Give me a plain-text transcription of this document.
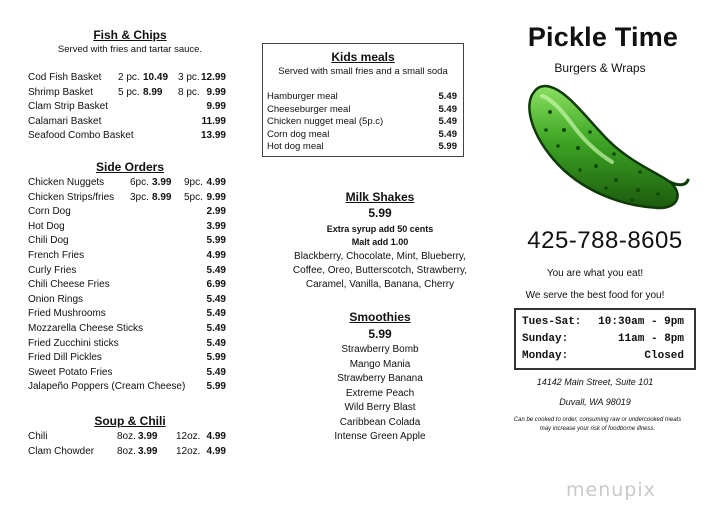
Fish & Chips
Served with fries and tartar sauce.
Cod Fish Basket	2 pc. 10.49 3 pc. 12.99
Shrimp Basket	5 pc. 8.99	8 pc. 9.99
Clam Strip Basket	9.99
Calamari Basket	11.99
Seafood Combo Basket	13.99
Side Orders
Chicken Nuggets	6pc. 3.99	9pc. 4.99
Chicken Strips/fries	3pc. 8.99	5pc. 9.99
Corn Dog	2.99
Hot Dog	3.99
Chili Dog	5.99
French Fries	4.99
Curly Fries	5.49
Chili Cheese Fries	6.99
Onion Rings	5.49
Fried Mushrooms	5.49
Mozzarella Cheese Sticks	5.49
Fried Zucchini sticks	5.49
Fried Dill Pickles	5.99
Sweet Potato Fries	5.49
Jalapeño Poppers (Cream Cheese)	5.99
Soup & Chili
Chili	8oz. 3.99	12oz. 4.99
Clam Chowder	8oz. 3.99	12oz. 4.99
Kids meals
Served with small fries and a small soda
Hamburger meal	5.49
Cheeseburger meal	5.49
Chicken nugget meal (5p.c)	5.49
Corn dog meal	5.49
Hot dog meal	5.99
Milk Shakes
5.99
Extra syrup add 50 cents
Malt add 1.00
Blackberry, Chocolate, Mint, Blueberry,
Coffee, Oreo, Butterscotch, Strawberry,
Caramel, Vanilla, Banana, Cherry
Smoothies
5.99
Strawberry Bomb
Mango Mania
Strawberry Banana
Extreme Peach
Wild Berry Blast
Caribbean Colada
Intense Green Apple
Pickle Time
Burgers & Wraps
425-788-8605
You are what you eat!
We serve the best food for you!
Tues-Sat:	10:30am - 9pm
Sunday:	11am - 8pm
Monday:	Closed
14142 Main Street, Suite 101
Duvall, WA 98019
Can be cooked to order, consuming raw or undercooked meats
may increase your risk of foodborne illness.
menupix
